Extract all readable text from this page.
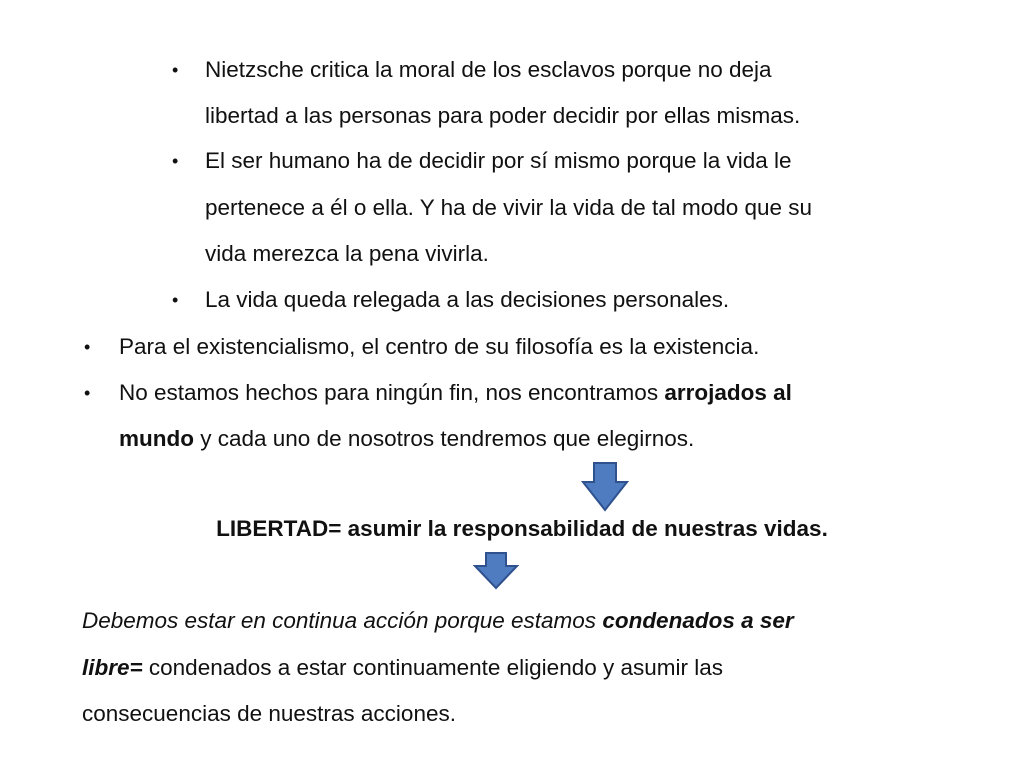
• Nietzsche critica la moral de los esclavos porque no deja
libertad a las personas para poder decidir por ellas mismas.
• El ser humano ha de decidir por sí mismo porque la vida le
pertenece a él o ella. Y ha de vivir la vida de tal modo que su
vida merezca la pena vivirla.
• La vida queda relegada a las decisiones personales.
• Para el existencialismo, el centro de su filosofía es la existencia.
• No estamos hechos para ningún fin, nos encontramos arrojados al
mundo y cada uno de nosotros tendremos que elegirnos.
LIBERTAD= asumir la responsabilidad de nuestras vidas.
Debemos estar en continua acción porque estamos condenados a ser
libre= condenados a estar continuamente eligiendo y asumir las
consecuencias de nuestras acciones.
